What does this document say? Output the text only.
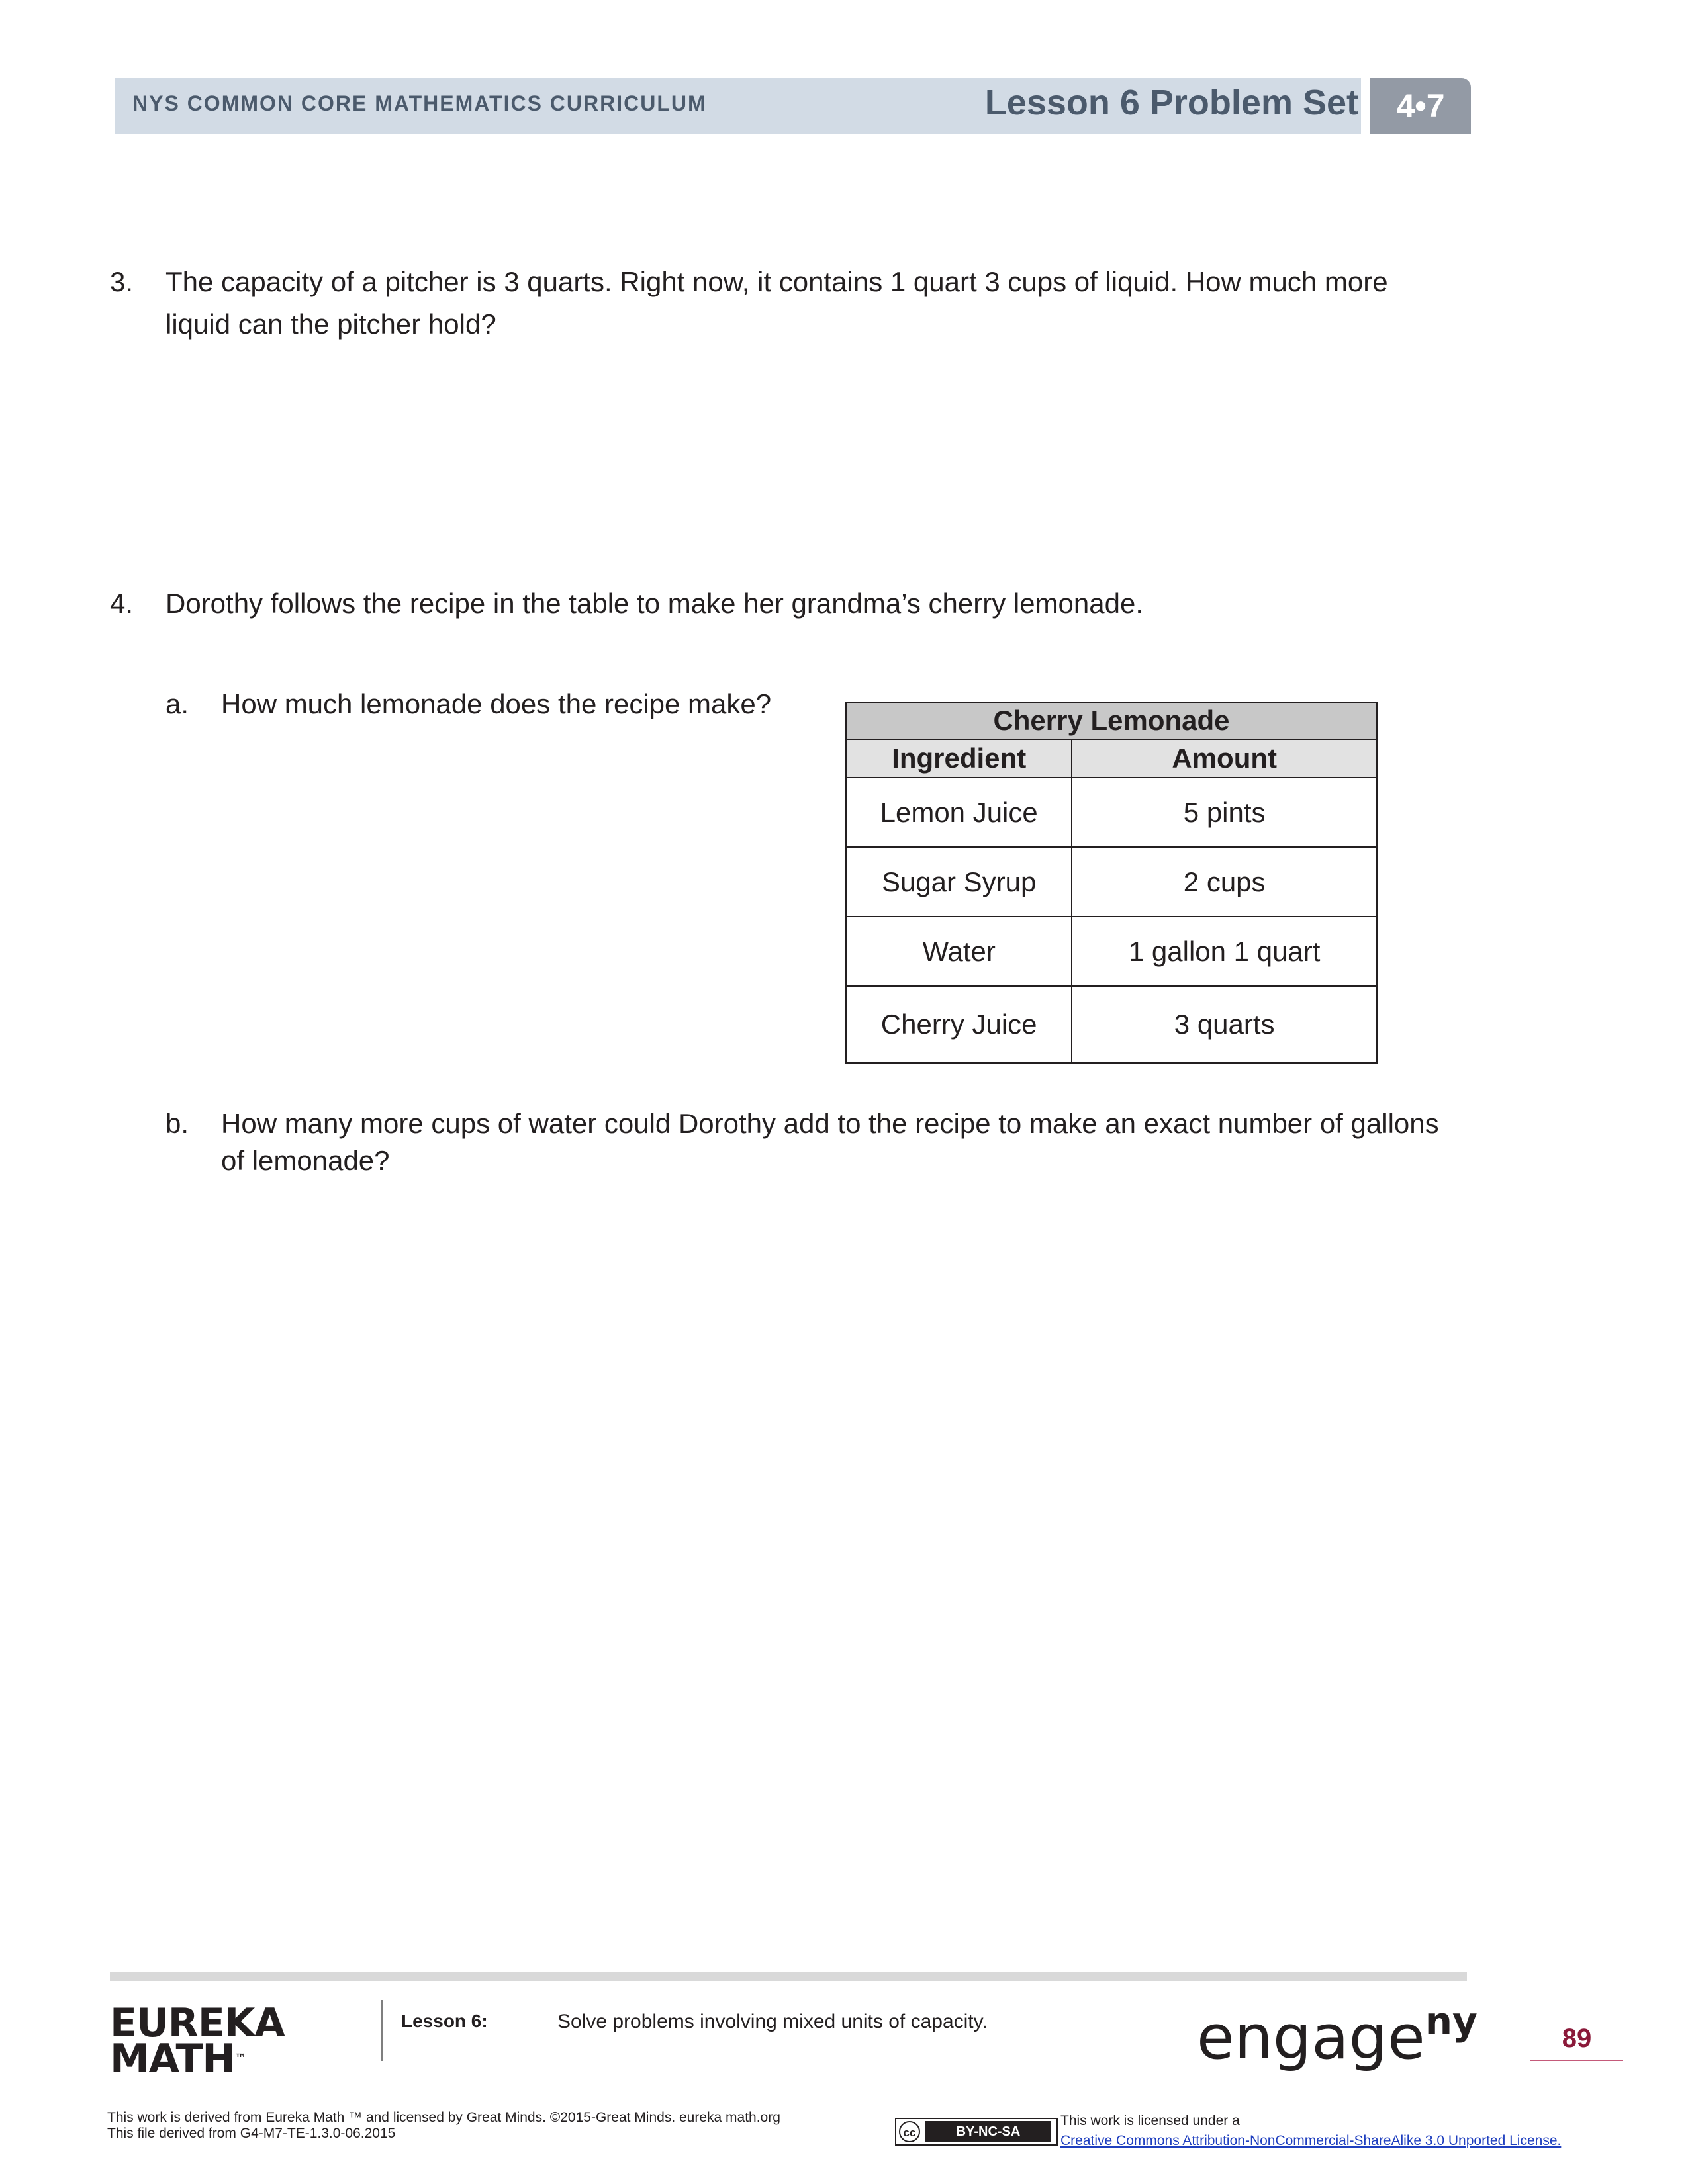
NYS COMMON CORE MATHEMATICS CURRICULUM	Lesson 6 Problem Set	4•7
3. The capacity of a pitcher is 3 quarts. Right now, it contains 1 quart 3 cups of liquid. How much more
liquid can the pitcher hold?
4. Dorothy follows the recipe in the table to make her grandma’s cherry lemonade.
a. How much lemonade does the recipe make?
b. How many more cups of water could Dorothy add to the recipe to make an exact number of gallons
of lemonade?
Cherry Lemonade	
Ingredient	Amount
Lemon Juice	5 pints
Sugar Syrup	2 cups
Water	1 gallon 1 quart
Cherry Juice	3 quarts
EUREKA
MATH™
Lesson 6:	Solve problems involving mixed units of capacity.	engage$^{ny}$	89
This work is derived from Eureka Math ™ and licensed by Great Minds. ©2015-Great Minds. eureka math.org
This file derived from G4-M7-TE-1.3.0-06.2015	cc	BY-NC-SA
This work is licensed under a
Creative Commons Attribution-NonCommercial-ShareAlike 3.0 Unported License.
